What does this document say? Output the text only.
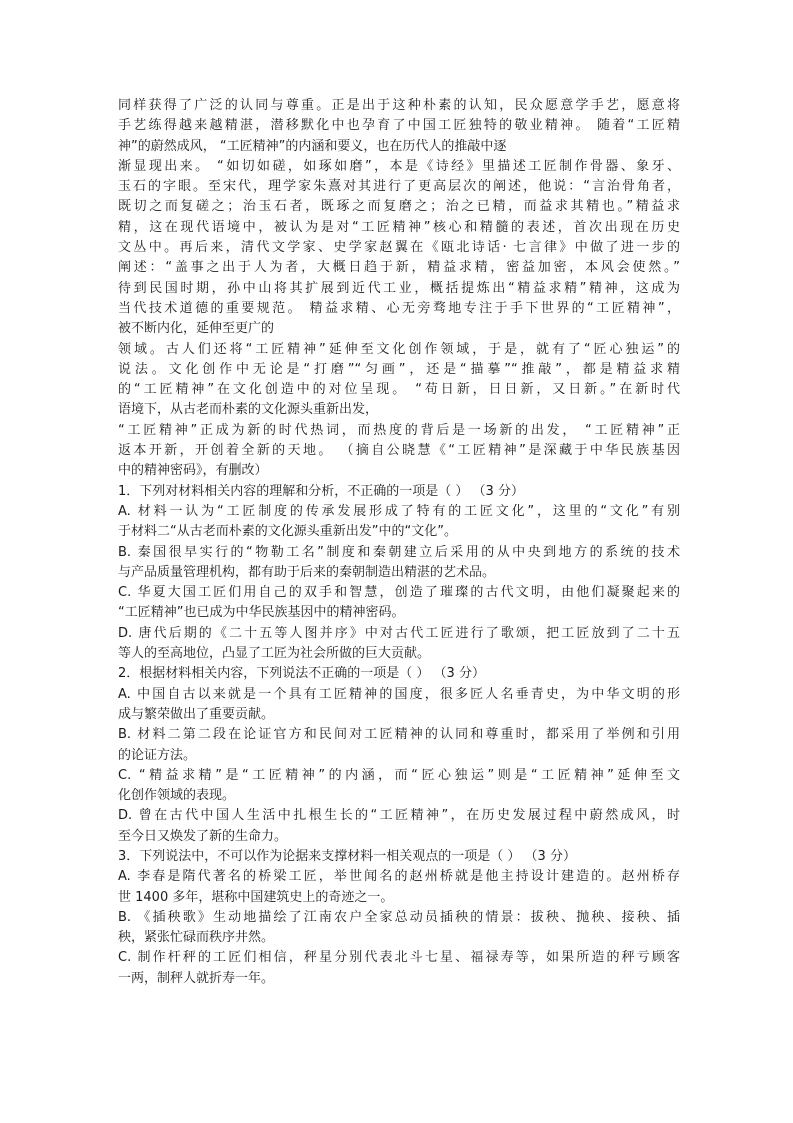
同样获得了广泛的认同与尊重。正是出于这种朴素的认知，民众愿意学手艺，愿意将
手艺练得越来越精湛，潜移默化中也孕育了中国工匠独特的敬业精神。 随着“工匠精
神”的蔚然成风， “工匠精神”的内涵和要义，也在历代人的推敲中逐
渐显现出来。 “如切如磋，如琢如磨”，本是《诗经》里描述工匠制作骨器、象牙、
玉石的字眼。至宋代，理学家朱熹对其进行了更高层次的阐述，他说：“言治骨角者，
既切之而复磋之；治玉石者，既琢之而复磨之；治之已精，而益求其精也。”精益求
精，这在现代语境中，被认为是对“工匠精神”核心和精髓的表述，首次出现在历史
文丛中。再后来，清代文学家、史学家赵翼在《瓯北诗话· 七言律》中做了进一步的
阐述：“盖事之出于人为者，大概日趋于新，精益求精，密益加密，本风会使然。”
待到民国时期，孙中山将其扩展到近代工业，概括提炼出“精益求精”精神，这成为
当代技术道德的重要规范。 精益求精、心无旁骛地专注于手下世界的“工匠精神”，
被不断内化，延伸至更广的
领域。古人们还将“工匠精神”延伸至文化创作领域，于是，就有了“匠心独运”的
说法。文化创作中无论是“打磨”“匀画”，还是“描摹”“推敲”，都是精益求精
的“工匠精神”在文化创造中的对位呈现。 “苟日新，日日新，又日新。”在新时代
语境下，从古老而朴素的文化源头重新出发，
“工匠精神”正成为新的时代热词，而热度的背后是一场新的出发， “工匠精神”正
返本开新，开创着全新的天地。 （摘自公晓慧《“工匠精神”是深藏于中华民族基因
中的精神密码》，有删改）
1．下列对材料相关内容的理解和分析，不正确的一项是（ ） （3 分）
A. 材料一认为“工匠制度的传承发展形成了特有的工匠文化”，这里的“文化”有别
于材料二“从古老而朴素的文化源头重新出发”中的“文化”。
B. 秦国很早实行的“物勒工名”制度和秦朝建立后采用的从中央到地方的系统的技术
与产品质量管理机构，都有助于后来的秦朝制造出精湛的艺术品。
C. 华夏大国工匠们用自己的双手和智慧，创造了璀璨的古代文明，由他们凝聚起来的
“工匠精神”也已成为中华民族基因中的精神密码。
D. 唐代后期的《二十五等人图并序》中对古代工匠进行了歌颂，把工匠放到了二十五
等人的至高地位，凸显了工匠为社会所做的巨大贡献。
2．根据材料相关内容，下列说法不正确的一项是（ ） （3 分）
A. 中国自古以来就是一个具有工匠精神的国度，很多匠人名垂青史，为中华文明的形
成与繁荣做出了重要贡献。
B. 材料二第二段在论证官方和民间对工匠精神的认同和尊重时，都采用了举例和引用
的论证方法。
C. “精益求精”是“工匠精神”的内涵，而“匠心独运”则是“工匠精神”延伸至文
化创作领域的表现。
D. 曾在古代中国人生活中扎根生长的“工匠精神”，在历史发展过程中蔚然成风，时
至今日又焕发了新的生命力。
3．下列说法中，不可以作为论据来支撑材料一相关观点的一项是（ ） （3 分）
A. 李春是隋代著名的桥梁工匠，举世闻名的赵州桥就是他主持设计建造的。赵州桥存
世 1400 多年，堪称中国建筑史上的奇迹之一。
B. 《插秧歌》生动地描绘了江南农户全家总动员插秧的情景：拔秧、抛秧、接秧、插
秧，紧张忙碌而秩序井然。
C. 制作杆秤的工匠们相信，秤星分别代表北斗七星、福禄寿等，如果所造的秤亏顾客
一两，制秤人就折寿一年。
